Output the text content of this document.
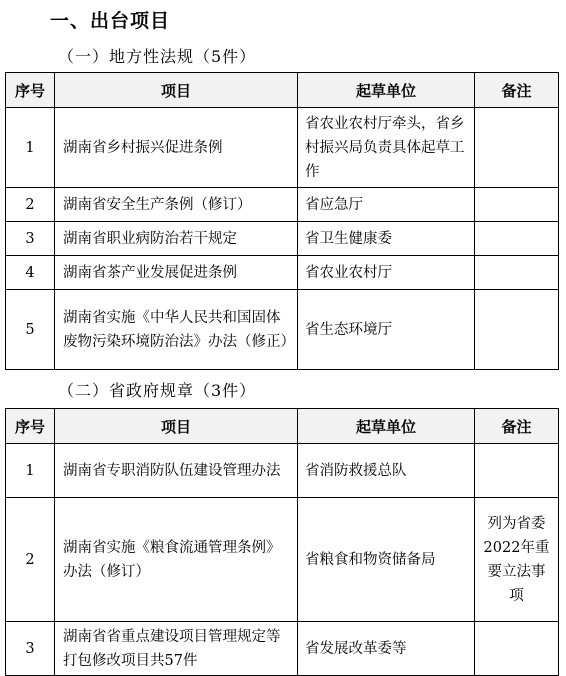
一、出台项目
（一）地方性法规（5件）
序号	项目	起草单位	备注
1	湖南省乡村振兴促进条例	省农业农村厅牵头，省乡村振兴局负责具体起草工作	
2	湖南省安全生产条例（修订）	省应急厅	
3	湖南省职业病防治若干规定	省卫生健康委	
4	湖南省茶产业发展促进条例	省农业农村厅	
5	湖南省实施《中华人民共和国固体废物污染环境防治法》办法（修正）	省生态环境厅	
（二）省政府规章（3件）
序号	项目	起草单位	备注
1	湖南省专职消防队伍建设管理办法	省消防救援总队	
2	湖南省实施《粮食流通管理条例》办法（修订）	省粮食和物资储备局	列为省委2022年重要立法事项
3	湖南省省重点建设项目管理规定等打包修改项目共57件	省发展改革委等	
